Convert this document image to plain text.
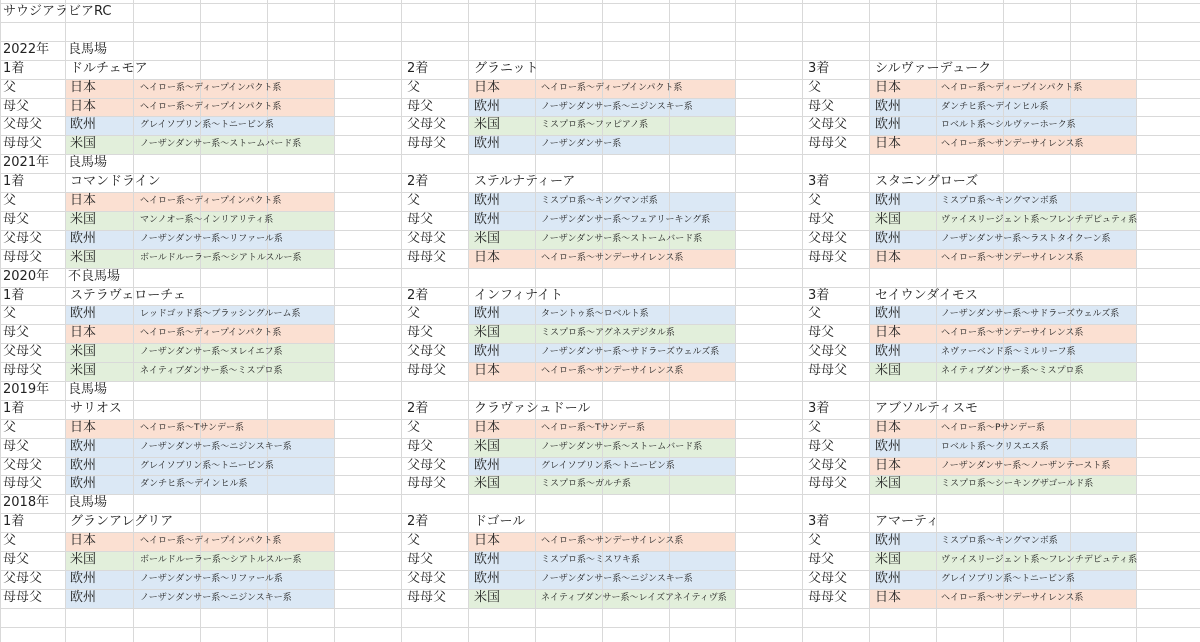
サウジアラビアRC
2022年 良馬場
1着	ドルチェモア
父	日本	ヘイロー系〜ディープインパクト系
母父	日本	ヘイロー系〜ディープインパクト系
父母父 欧州	グレイソブリン系〜トニービン系
母母父 米国	ノーザンダンサー系〜ストームバード系
2着	グラニット
父	日本	ヘイロー系〜ディープインパクト系
母父	欧州	ノーザンダンサー系〜ニジンスキー系
父母父 米国	ミスプロ系〜ファピアノ系
母母父 欧州	ノーザンダンサー系
3着	シルヴァーデューク
父	日本	ヘイロー系〜ディープインパクト系
母父	欧州	ダンチヒ系〜デインヒル系
父母父 欧州	ロベルト系〜シルヴァーホーク系
母母父 日本	ヘイロー系〜サンデーサイレンス系
2021年 良馬場
1着	コマンドライン
父	日本	ヘイロー系〜ディープインパクト系
母父	米国	マンノオー系〜インリアリティ系
父母父 欧州	ノーザンダンサー系〜リファール系
母母父 米国	ボールドルーラー系〜シアトルスルー系
2着	ステルナティーア
父	欧州	ミスプロ系〜キングマンボ系
母父	欧州	ノーザンダンサー系〜フェアリーキング系
父母父 米国	ノーザンダンサー系〜ストームバード系
母母父 日本	ヘイロー系〜サンデーサイレンス系
3着	スタニングローズ
父	欧州	ミスプロ系〜キングマンボ系
母父	米国	ヴァイスリージェント系〜フレンチデピュティ系
父母父 欧州	ノーザンダンサー系〜ラストタイクーン系
母母父 日本	ヘイロー系〜サンデーサイレンス系
2020年 不良馬場
1着	ステラヴェローチェ
父	欧州	レッドゴッド系〜ブラッシングルーム系
母父	日本	ヘイロー系〜ディープインパクト系
父母父 米国	ノーザンダンサー系〜ヌレイエフ系
母母父 米国	ネイティブダンサー系〜ミスプロ系
2着	インフィナイト
父	欧州	ターントゥ系〜ロベルト系
母父	米国	ミスプロ系〜アグネスデジタル系
父母父 欧州	ノーザンダンサー系〜サドラーズウェルズ系
母母父 日本	ヘイロー系〜サンデーサイレンス系
3着	セイウンダイモス
父	欧州	ノーザンダンサー系〜サドラーズウェルズ系
母父	日本	ヘイロー系〜サンデーサイレンス系
父母父 欧州	ネヴァーベンド系〜ミルリーフ系
母母父 米国	ネイティブダンサー系〜ミスプロ系
2019年 良馬場
1着	サリオス
父	日本	ヘイロー系〜Tサンデー系
母父	欧州	ノーザンダンサー系〜ニジンスキー系
父母父 欧州	グレイソブリン系〜トニービン系
母母父 欧州	ダンチヒ系〜デインヒル系
2着	クラヴァシュドール
父	日本	ヘイロー系〜Tサンデー系
母父	米国	ノーザンダンサー系〜ストームバード系
父母父 欧州	グレイソブリン系〜トニービン系
母母父 米国	ミスプロ系〜ガルチ系
3着	アブソルティスモ
父	日本	ヘイロー系〜Pサンデー系
母父	欧州	ロベルト系〜クリスエス系
父母父 日本	ノーザンダンサー系〜ノーザンテースト系
母母父 米国	ミスプロ系〜シーキングザゴールド系
2018年 良馬場
1着	グランアレグリア
父	日本	ヘイロー系〜ディープインパクト系
母父	米国	ボールドルーラー系〜シアトルスルー系
父母父 欧州	ノーザンダンサー系〜リファール系
母母父 欧州	ノーザンダンサー系〜ニジンスキー系
2着	ドゴール
父	日本	ヘイロー系〜サンデーサイレンス系
母父	欧州	ミスプロ系〜ミスワキ系
父母父 欧州	ノーザンダンサー系〜ニジンスキー系
母母父 米国	ネイティブダンサー系〜レイズアネイティヴ系
3着	アマーティ
父	欧州	ミスプロ系〜キングマンボ系
母父	米国	ヴァイスリージェント系〜フレンチデピュティ系
父母父 欧州	グレイソブリン系〜トニービン系
母母父 日本	ヘイロー系〜サンデーサイレンス系
